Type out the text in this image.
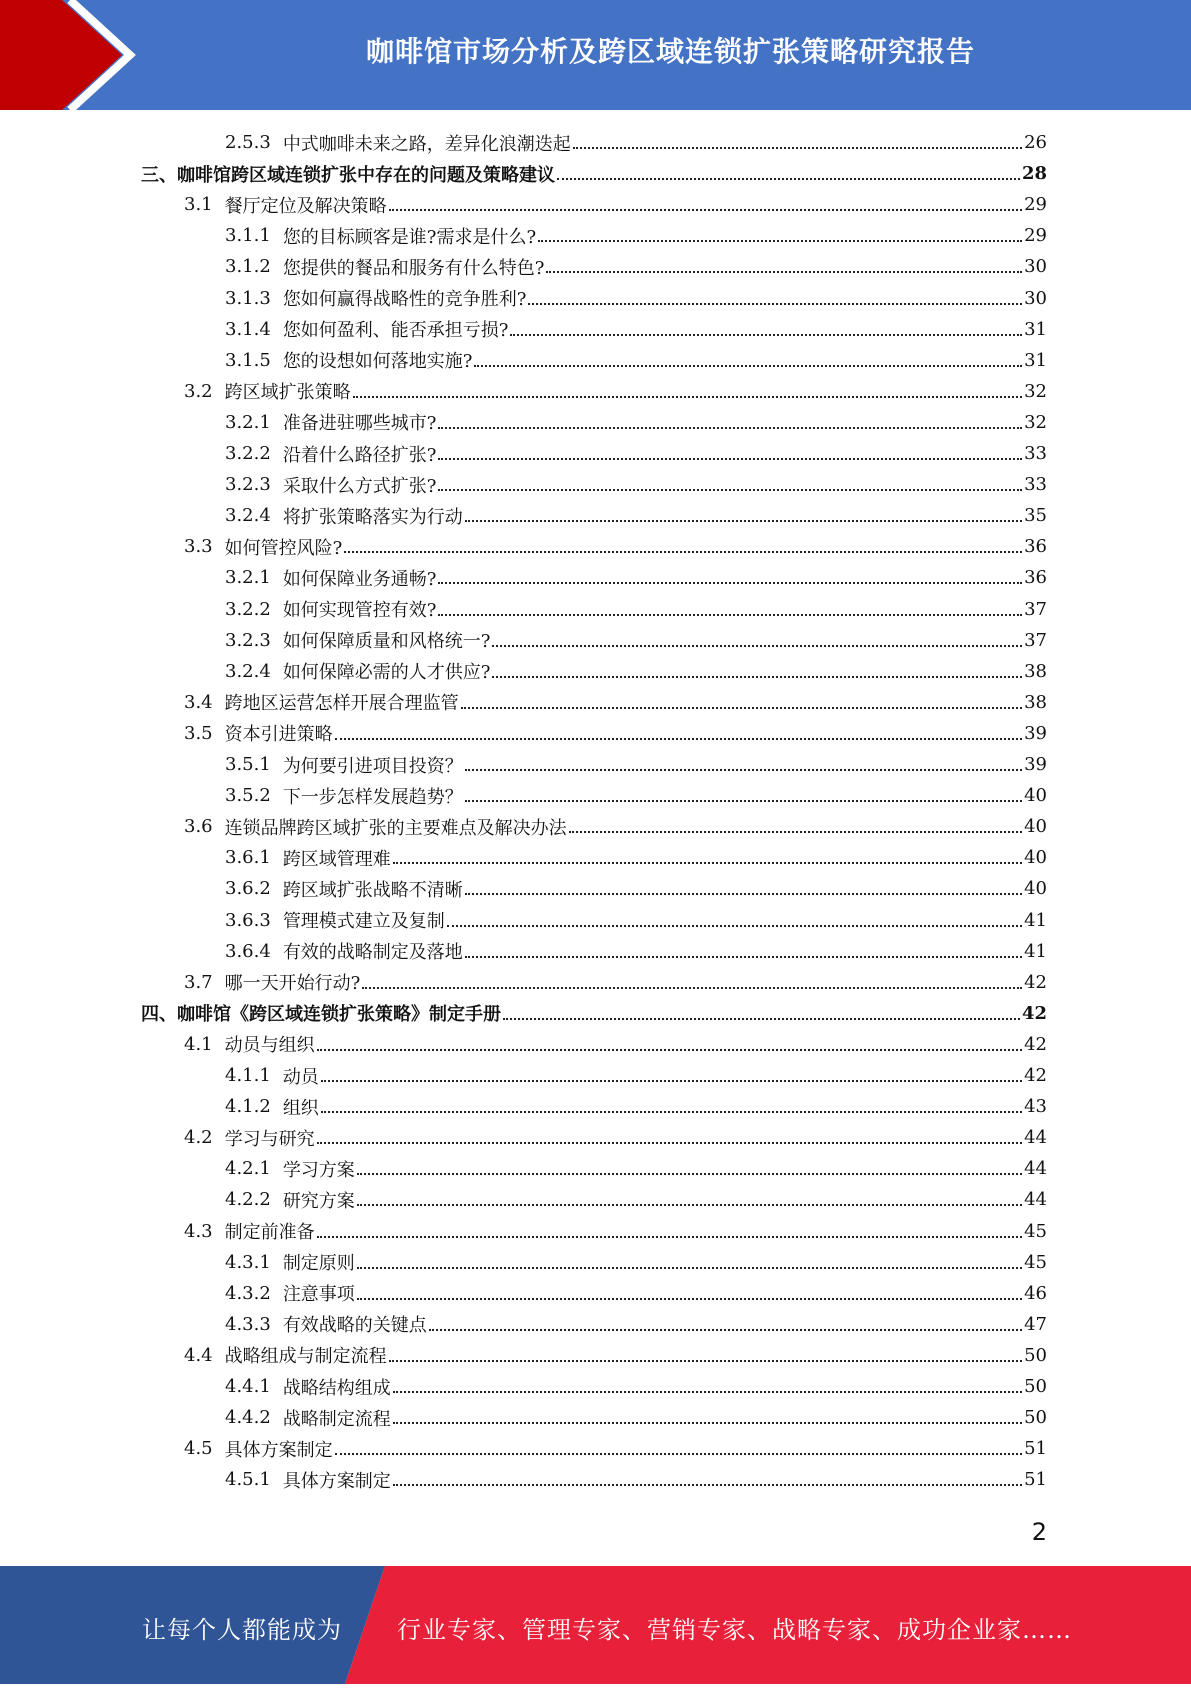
咖啡馆市场分析及跨区域连锁扩张策略研究报告
2.5.3 中式咖啡未来之路，差异化浪潮迭起	26
三、 咖啡馆跨区域连锁扩张中存在的问题及策略建议	28
3.1 餐厅定位及解决策略	29
3.1.1 您的目标顾客是谁?需求是什么?	29
3.1.2 您提供的餐品和服务有什么特色?	30
3.1.3 您如何赢得战略性的竞争胜利?	30
3.1.4 您如何盈利、能否承担亏损?	31
3.1.5 您的设想如何落地实施?	31
3.2 跨区域扩张策略	32
3.2.1 准备进驻哪些城市?	32
3.2.2 沿着什么路径扩张?	33
3.2.3 采取什么方式扩张?	33
3.2.4 将扩张策略落实为行动	35
3.3 如何管控风险?	36
3.2.1 如何保障业务通畅?	36
3.2.2 如何实现管控有效?	37
3.2.3 如何保障质量和风格统一?	37
3.2.4 如何保障必需的人才供应?	38
3.4 跨地区运营怎样开展合理监管	38
3.5 资本引进策略	39
3.5.1 为何要引进项目投资？	39
3.5.2 下一步怎样发展趋势？	40
3.6 连锁品牌跨区域扩张的主要难点及解决办法	40
3.6.1 跨区域管理难	40
3.6.2 跨区域扩张战略不清晰	40
3.6.3 管理模式建立及复制	41
3.6.4 有效的战略制定及落地	41
3.7 哪一天开始行动?	42
四、 咖啡馆《跨区域连锁扩张策略》制定手册	42
4.1 动员与组织	42
4.1.1 动员	42
4.1.2 组织	43
4.2 学习与研究	44
4.2.1 学习方案	44
4.2.2 研究方案	44
4.3 制定前准备	45
4.3.1 制定原则	45
4.3.2 注意事项	46
4.3.3 有效战略的关键点	47
4.4 战略组成与制定流程	50
4.4.1 战略结构组成	50
4.4.2 战略制定流程	50
4.5 具体方案制定	51
4.5.1 具体方案制定	51
2
让每个人都能成为 行业专家、管理专家、营销专家、战略专家、成功企业家……
